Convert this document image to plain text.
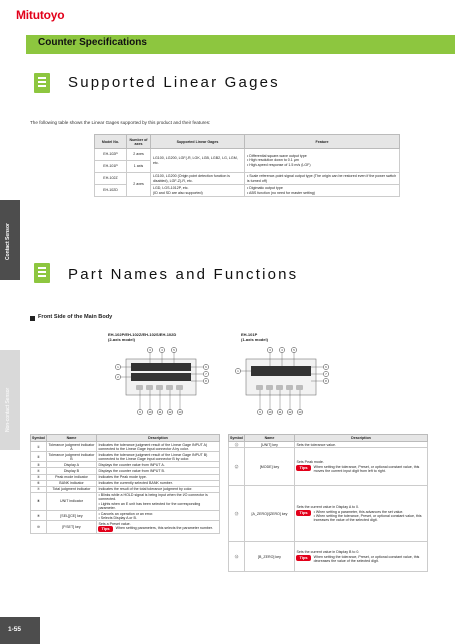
Mitutoyo
Counter Specifications
Supported Linear Gages
The following table shows the Linear Gages supported by this product and their features:
Model No.	Number of axes	Supported Linear Gages	Feature
EH-102P	2 axes	LG100, LG200, LGF(-R, LGK, LGB, LGB2, LG, LGM, etc.	• Differential square-wave output type
• High resolution down to 0.1 µm
• High-speed response of 1.5 m/s (LGF)
EH-101P	1 axis		
EH-102Z	2 axes	LG100, LG200 (Origin point detection function is disabled), LGF-Z(-R, etc.	• Scale reference-point signal output type (The origin can be restored even if the power switch is turned off)
EH-102D		LGD, LGS-1012P, etc.
(ID and SD are also supported)	• Digimatic output type
• ABS function (no need for master setting)
Contact Sensor
Non-contact Sensor
Part Names and Functions
Front Side of the Main Body
EH-102P/EH-102Z/EH-102S/EH-102D
(2-axis model)
EH-101P
(1-axis model)
3	4	5
1
2
6
7
8
9	10	11	12	13
3	4	5
1
6
7
8
9	10	11	12	13
Symbol	Name	Description
①	Tolerance judgment indicator A	Indicates the tolerance judgment result of the Linear Gage INPUT A) connected to the Linear Gage input connector A by color.
②	Tolerance judgment indicator B	Indicates the tolerance judgment result of the Linear Gage INPUT B) connected to the Linear Gage input connector B by color.
③	Display A	Displays the counter value from INPUT A.
④	Display B	Displays the counter value from INPUT B.
⑤	Peak mode indicator	Indicates the Peak mode type.
⑥	BANK indicator	Indicates the currently selected BANK number.
⑦	Total judgment indicator	Indicates the result of the total tolerance judgment by color.
⑧	UNIT indicator	• Blinks while a HOLD signal is being input when the I/O connector is connected.
• Lights when an E unit has been selected for the corresponding parameter.
⑨	[SEL][CE] key	• Cancels an operation or an error.
• Selects Display A or B.
⑩	[P.SET] key	Sets a Preset value.
Tips When setting parameters, this selects the parameter number.
Symbol	Name	Description
⑪	[UNIT] key	Sets the tolerance value.
⑫	[MODE] key	Sets Peak mode.
Tips When setting the tolerance, Preset, or optional constant value, this moves the current input digit from left to right.

⑬	[A_ZERO]/[ZERO] key	Sets the current value in Display A to 0.
Tips • When setting a parameter, this advances the set value.
• When setting the tolerance, Preset, or optional constant value, this increases the value of the selected digit.

⑭	[B_ZERO] key	Sets the current value in Display B to 0.
Tips When setting the tolerance, Preset, or optional constant value, this decreases the value of the selected digit.
1-55
